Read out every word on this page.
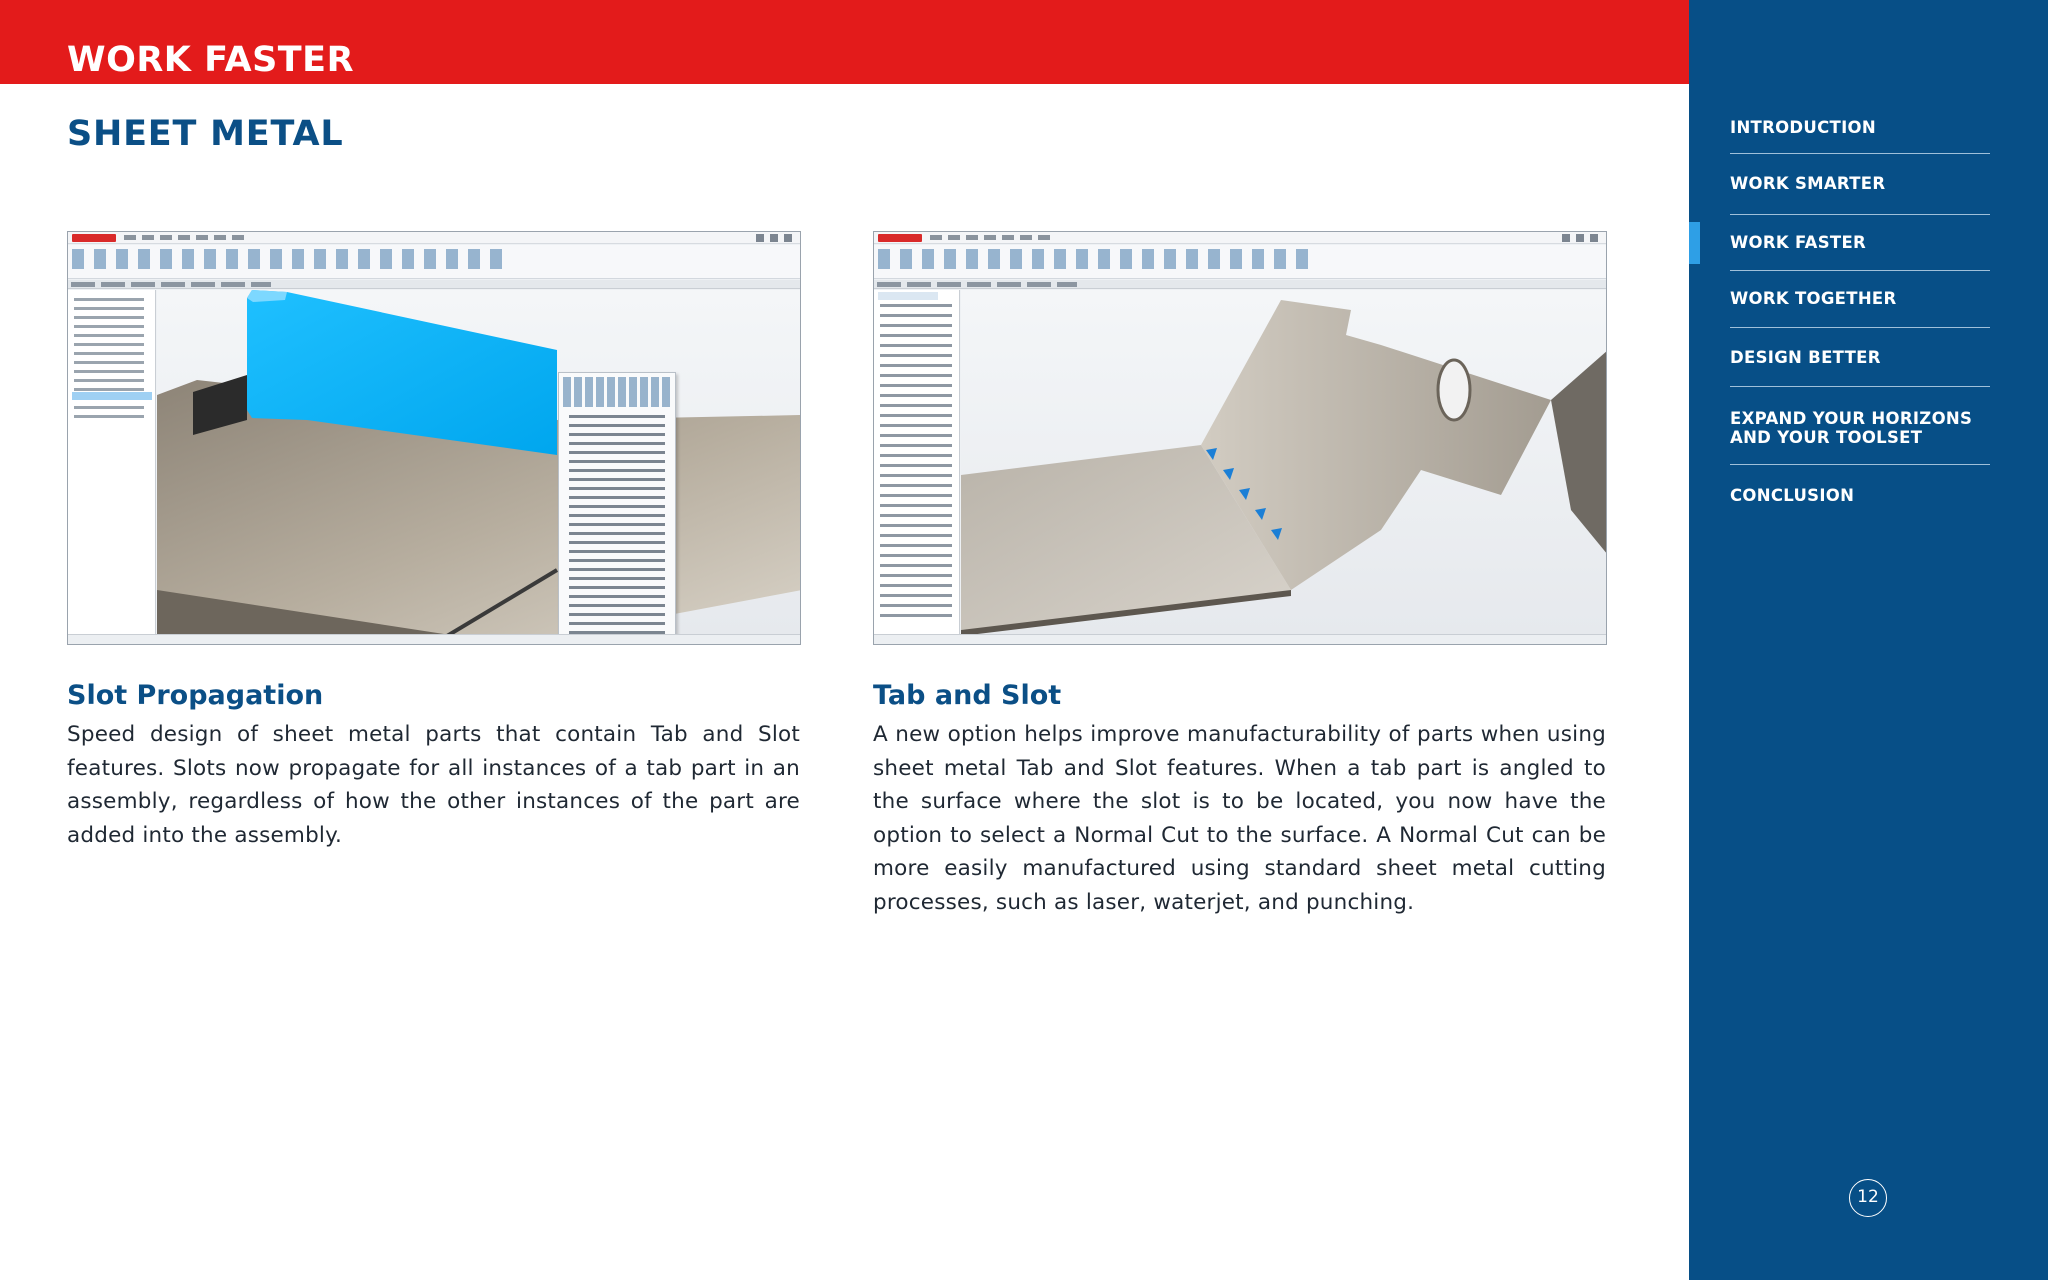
WORK FASTER
SHEET METAL
Slot Propagation
Speed design of sheet metal parts that contain Tab and Slot features. Slots now propagate for all instances of a tab part in an assembly, regardless of how the other instances of the part are added into the assembly.
Tab and Slot
A new option helps improve manufacturability of parts when using sheet metal Tab and Slot features. When a tab part is angled to the surface where the slot is to be located, you now have the option to select a Normal Cut to the surface. A Normal Cut can be more easily manufactured using standard sheet metal cutting processes, such as laser, waterjet, and punching.
INTRODUCTION
WORK SMARTER
WORK FASTER
WORK TOGETHER
DESIGN BETTER
EXPAND YOUR HORIZONS
AND YOUR TOOLSET
CONCLUSION
12
